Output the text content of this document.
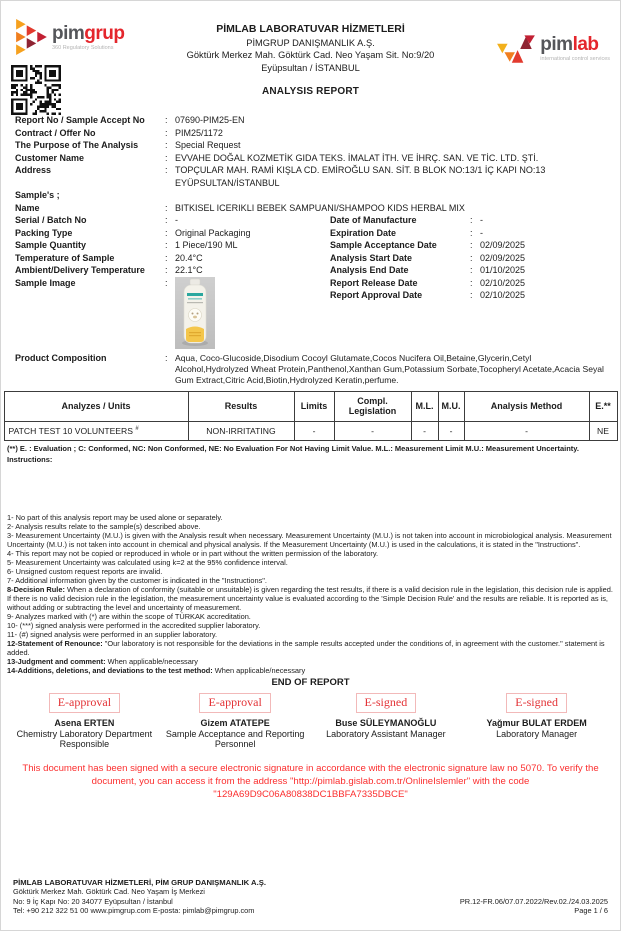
pimgrup
360 Regulatory Solutions
PİMLAB LABORATUVAR HİZMETLERİ
PİMGRUP DANIŞMANLIK A.Ş.
Göktürk Merkez Mah. Göktürk Cad. Neo Yaşam Sit. No:9/20
Eyüpsultan / İSTANBUL
ANALYSIS REPORT
pimlab
international control services
Report No / Sample Accept No :	07690-PIM25-EN
Contract / Offer No :	PIM25/1172
The Purpose of The Analysis :	Special Request
Customer Name :	EVVAHE DOĞAL KOZMETİK GIDA TEKS. İMALAT İTH. VE İHRÇ. SAN. VE TİC. LTD. ŞTİ.
Address :	TOPÇULAR MAH. RAMİ KIŞLA CD. EMİROĞLU SAN. SİT. B BLOK NO:13/1 İÇ KAPI NO:13 EYÜPSULTAN/İSTANBUL
Sample's ;
Name :	BITKISEL ICERIKLI BEBEK SAMPUANI/SHAMPOO KIDS HERBAL MIX
Serial / Batch No :	-	Date of Manufacture :	-
Packing Type :	Original Packaging	Expiration Date :	-
Sample Quantity :	1 Piece/190 ML	Sample Acceptance Date :	02/09/2025
Temperature of Sample :	20.4°C	Analysis Start Date :	02/09/2025
Ambient/Delivery Temperature :	22.1°C	Analysis End Date :	01/10/2025
Sample Image :	Report Release Date :	02/10/2025
Report Approval Date :	02/10/2025
Product Composition :	Aqua, Coco-Glucoside,Disodium Cocoyl Glutamate,Cocos Nucifera Oil,Betaine,Glycerin,Cetyl Alcohol,Hydrolyzed Wheat Protein,Panthenol,Xanthan Gum,Potassium Sorbate,Tocopheryl Acetate,Acacia Seyal Gum Extract,Citric Acid,Biotin,Hydrolyzed Keratin,perfume.
Analyzes / Units	Results	Limits	Compl. Legislation	M.L.	M.U.	Analysis Method	E.**
PATCH TEST 10 VOLUNTEERS #	NON-IRRITATING	-	-	-	-	-	NE
(**) E. : Evaluation ; C: Conformed, NC: Non Conformed, NE: No Evaluation For Not Having Limit Value. M.L.: Measurement Limit M.U.: Measurement Uncertainty.
Instructions:
1- No part of this analysis report may be used alone or separately.
2- Analysis results relate to the sample(s) described above.
3- Measurement Uncertainty (M.U.) is given with the Analysis result when necessary. Measurement Uncertainty (M.U.) is not taken into account in microbiological analysis. Measurement Uncertainty (M.U.) is not taken into account in chemical and physical analysis. If the Measurement Uncertainty (M.U.) is used in the calculations, it is stated in the "Instructions".
4- This report may not be copied or reproduced in whole or in part without the written permission of the laboratory.
5- Measurement Uncertainty was calculated using k=2 at the 95% confidence interval.
6- Unsigned custom request reports are invalid.
7- Additional information given by the customer is indicated in the "Instructions".
8-Decision Rule: When a declaration of conformity (suitable or unsuitable) is given regarding the test results, if there is a valid decision rule in the legislation, this decision rule is applied. If there is no valid decision rule in the legislation, the measurement uncertainty value is evaluated according to the 'Simple Decision Rule' and the results are reliable. It is reported as is, without adding or subtracting the level and uncertainty of measurement.
9- Analyzes marked with (*) are within the scope of TÜRKAK accreditation.
10- (***) signed analysis were performed in the accredited supplier laboratory.
11- (#) signed analysis were performed in an supplier laboratory.
12-Statement of Renounce: "Our laboratory is not responsible for the deviations in the sample results accepted under the conditions of, in agreement with the customer." statement is added.
13-Judgment and comment: When applicable/necessary
14-Additions, deletions, and deviations to the test method: When applicable/necessary
END OF REPORT
E-approval
Asena ERTEN
Chemistry Laboratory Department Responsible
E-approval
Gizem ATATEPE
Sample Acceptance and Reporting Personnel
E-signed
Buse SÜLEYMANOĞLU
Laboratory Assistant Manager
E-signed
Yağmur BULAT ERDEM
Laboratory Manager
This document has been signed with a secure electronic signature in accordance with the electronic signature law no 5070. To verify the document, you can access it from the address "http://pimlab.gislab.com.tr/OnlineIslemler" with the code "129A69D9C06A80838DC1BBFA7335DBCE"
PİMLAB LABORATUVAR HİZMETLERİ, PİM GRUP DANIŞMANLIK A.Ş.
Göktürk Merkez Mah. Göktürk Cad. Neo Yaşam İş Merkezi
No: 9 İç Kapı No: 20 34077 Eyüpsultan / İstanbul
Tel: +90 212 322 51 00 www.pimgrup.com E-posta: pimlab@pimgrup.com
PR.12-FR.06/07.07.2022/Rev.02./24.03.2025
Page 1 / 6
